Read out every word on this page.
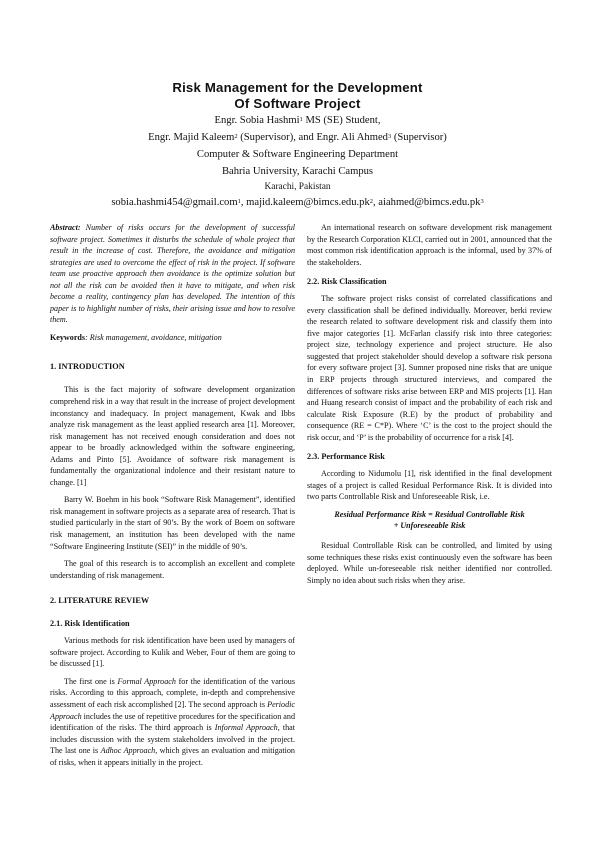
Risk Management for the Development
Of Software Project
Engr. Sobia Hashmi$^1$ MS (SE) Student,
Engr. Majid Kaleem$^2$ (Supervisor), and Engr. Ali Ahmed$^3$ (Supervisor)
Computer & Software Engineering Department
Bahria University, Karachi Campus
Karachi, Pakistan
sobia.hashmi454@gmail.com$^1$, $majid.kaleem@bimcs.edu.pk^2$, $aiahmed@bimcs.edu.pk^3$

Abstract: Number of risks occurs for the development of successful software project. Sometimes it disturbs the schedule of whole project that result in the increase of cost. Therefore, the avoidance and mitigation strategies are used to overcome the effect of risk in the project. If software team use proactive approach then avoidance is the optimize solution but not all the risk can be avoided then it have to mitigate, and when risk become a reality, contingency plan has developed. The intention of this paper is to highlight number of risks, their arising issue and how to resolve them.

Keywords: Risk management, avoidance, mitigation

1. INTRODUCTION

This is the fact majority of software development organization comprehend risk in a way that result in the increase of project development inconstancy and inadequacy. In project management, Kwak and Ibbs analyze risk management as the least applied research area [1]. Moreover, risk management has not received enough consideration and does not appear to be broadly acknowledged within the software engineering, Adams and Pinto [5]. Avoidance of software risk management is fundamentally the organizational indolence and their resistant nature to change. [1]

Barry W. Boehm in his book “Software Risk Management”, identified risk management in software projects as a separate area of research. That is studied particularly in the start of 90’s. By the work of Boem on software risk management, an institution has been developed with the name “Software Engineering Institute (SEI)” in the middle of 90’s.

The goal of this research is to accomplish an excellent and complete understanding of risk management.

2. LITERATURE REVIEW
2.1. Risk Identification

Various methods for risk identification have been used by managers of software project. According to Kulik and Weber, Four of them are going to be discussed [1].

The first one is Formal Approach for the identification of the various risks. According to this approach, complete, in-depth and comprehensive assessment of each risk accomplished [2]. The second approach is Periodic Approach includes the use of repetitive procedures for the specification and identification of the risks. The third approach is Informal Approach, that includes discussion with the system stakeholders involved in the project. The last one is Adhoc Approach, which gives an evaluation and mitigation of risks, when it appears initially in the project.

An international research on software development risk management by the Research Corporation KLCI, carried out in 2001, announced that the most common risk identification approach is the informal, used by 37% of the stakeholders.

2.2. Risk Classification

The software project risks consist of correlated classifications and every classification shall be defined individually. Moreover, berki review the research related to software development risk and classify them into five major categories [1]. McFarlan classify risk into three categories: project size, technology experience and project structure. He also suggested that project stakeholder should develop a software risk persona for every software project [3]. Sumner proposed nine risks that are unique in ERP projects through structured interviews, and compared the differences of software risks arise between ERP and MIS projects [1]. Han and Huang research consist of impact and the probability of each risk and calculate Risk Exposure (R.E) by the product of probability and consequence (RE = C*P). Where ‘C’ is the cost to the project should the risk occur, and ‘P’ is the probability of occurrence for a risk [4].

2.3. Performance Risk

According to Nidumolu [1], risk identified in the final development stages of a project is called Residual Performance Risk. It is divided into two parts Controllable Risk and Unforeseeable Risk, i.e.

Residual Performance Risk = Residual Controllable Risk
+ Unforeseeable Risk

Residual Controllable Risk can be controlled, and limited by using some techniques these risks exist continuously even the software has been deployed. While un-foreseeable risk neither identified nor controlled. Simply no idea about such risks when they arise.
